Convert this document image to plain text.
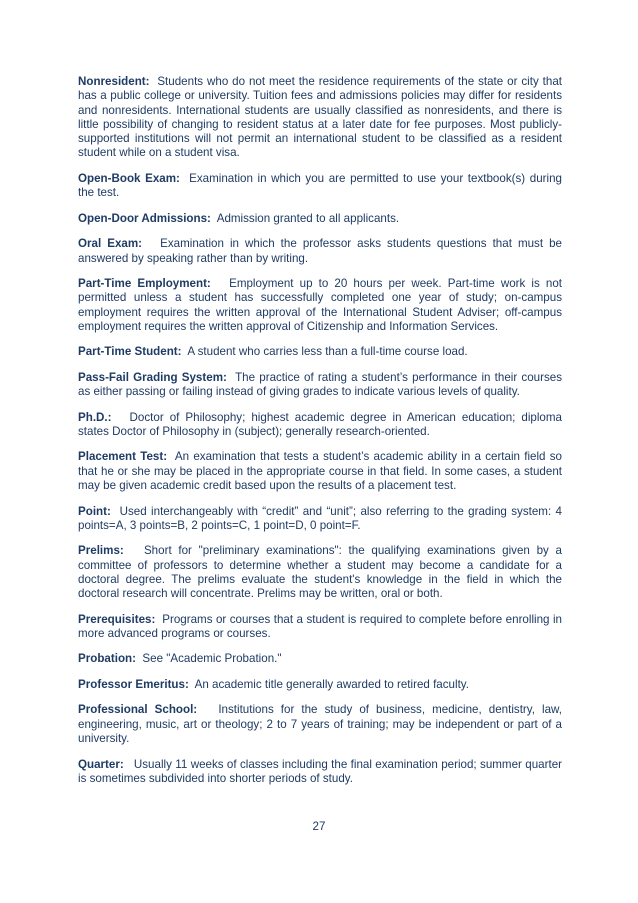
Nonresident: Students who do not meet the residence requirements of the state or city that has a public college or university. Tuition fees and admissions policies may differ for residents and nonresidents. International students are usually classified as nonresidents, and there is little possibility of changing to resident status at a later date for fee purposes. Most publicly-supported institutions will not permit an international student to be classified as a resident student while on a student visa.

Open-Book Exam: Examination in which you are permitted to use your textbook(s) during the test.

Open-Door Admissions: Admission granted to all applicants.

Oral Exam: Examination in which the professor asks students questions that must be answered by speaking rather than by writing.

Part-Time Employment: Employment up to 20 hours per week. Part-time work is not permitted unless a student has successfully completed one year of study; on-campus employment requires the written approval of the International Student Adviser; off-campus employment requires the written approval of Citizenship and Information Services.

Part-Time Student: A student who carries less than a full-time course load.

Pass-Fail Grading System: The practice of rating a student’s performance in their courses as either passing or failing instead of giving grades to indicate various levels of quality.

Ph.D.: Doctor of Philosophy; highest academic degree in American education; diploma states Doctor of Philosophy in (subject); generally research-oriented.

Placement Test: An examination that tests a student’s academic ability in a certain field so that he or she may be placed in the appropriate course in that field. In some cases, a student may be given academic credit based upon the results of a placement test.

Point: Used interchangeably with “credit” and “unit”; also referring to the grading system: 4 points=A, 3 points=B, 2 points=C, 1 point=D, 0 point=F.

Prelims: Short for "preliminary examinations": the qualifying examinations given by a committee of professors to determine whether a student may become a candidate for a doctoral degree. The prelims evaluate the student's knowledge in the field in which the doctoral research will concentrate. Prelims may be written, oral or both.

Prerequisites: Programs or courses that a student is required to complete before enrolling in more advanced programs or courses.

Probation: See "Academic Probation."

Professor Emeritus: An academic title generally awarded to retired faculty.

Professional School: Institutions for the study of business, medicine, dentistry, law, engineering, music, art or theology; 2 to 7 years of training; may be independent or part of a university.

Quarter: Usually 11 weeks of classes including the final examination period; summer quarter is sometimes subdivided into shorter periods of study.

27
